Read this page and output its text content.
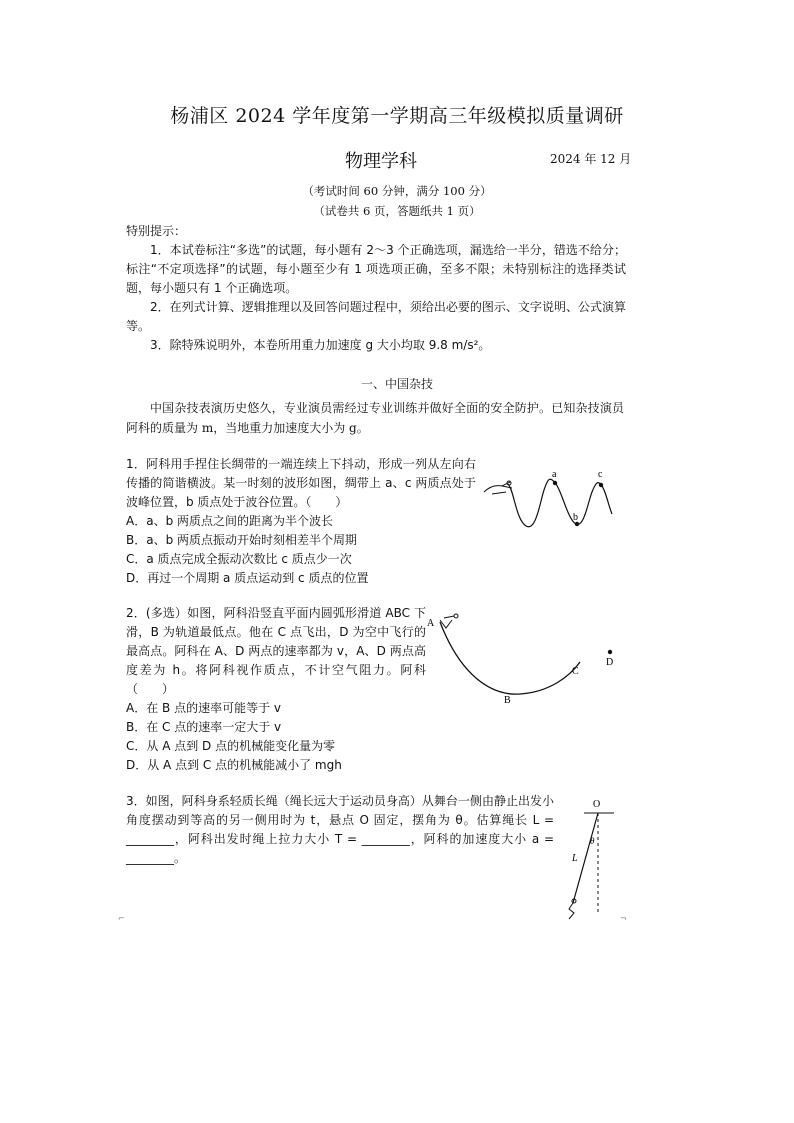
杨浦区 2024 学年度第一学期高三年级模拟质量调研
物理学科	2024 年 12 月
（考试时间 60 分钟，满分 100 分）
（试卷共 6 页，答题纸共 1 页）

特别提示：

1．本试卷标注“多选”的试题，每小题有 2～3 个正确选项，漏选给一半分，错选不给分；标注“不定项选择”的试题，每小题至少有 1 项选项正确，至多不限；未特别标注的选择类试题，每小题只有 1 个正确选项。

2．在列式计算、逻辑推理以及回答问题过程中，须给出必要的图示、文字说明、公式演算等。

3．除特殊说明外，本卷所用重力加速度 g 大小均取 9.8 m/s²。

一、中国杂技
中国杂技表演历史悠久，专业演员需经过专业训练并做好全面的安全防护。已知杂技演员阿科的质量为 m，当地重力加速度大小为 g。

1．阿科用手捏住长绸带的一端连续上下抖动，形成一列从左向右传播的简谐横波。某一时刻的波形如图，绸带上 a、c 两质点处于波峰位置，b 质点处于波谷位置。（　　）

A．a、b 两质点之间的距离为半个波长

B．a、b 两质点振动开始时刻相差半个周期

C．a 质点完成全振动次数比 c 质点少一次

D．再过一个周期 a 质点运动到 c 质点的位置

a
b
c

2．(多选）如图，阿科沿竖直平面内圆弧形滑道 ABC 下滑，B 为轨道最低点。他在 C 点飞出，D 为空中飞行的最高点。阿科在 A、D 两点的速率都为 v，A、D 两点高度差为 h。将阿科视作质点，不计空气阻力。阿科（　　）

A．在 B 点的速率可能等于 v

B．在 C 点的速率一定大于 v

C．从 A 点到 D 点的机械能变化量为零

D．从 A 点到 C 点的机械能减小了 mgh

A
B
C
D

3．如图，阿科身系轻质长绳（绳长远大于运动员身高）从舞台一侧由静止出发小角度摆动到等高的另一侧用时为 t，悬点 O 固定，摆角为 θ。估算绳长 L = ________，阿科出发时绳上拉力大小 T = ________，阿科的加速度大小 a = ________。

O
θ
L
⌐	¬
